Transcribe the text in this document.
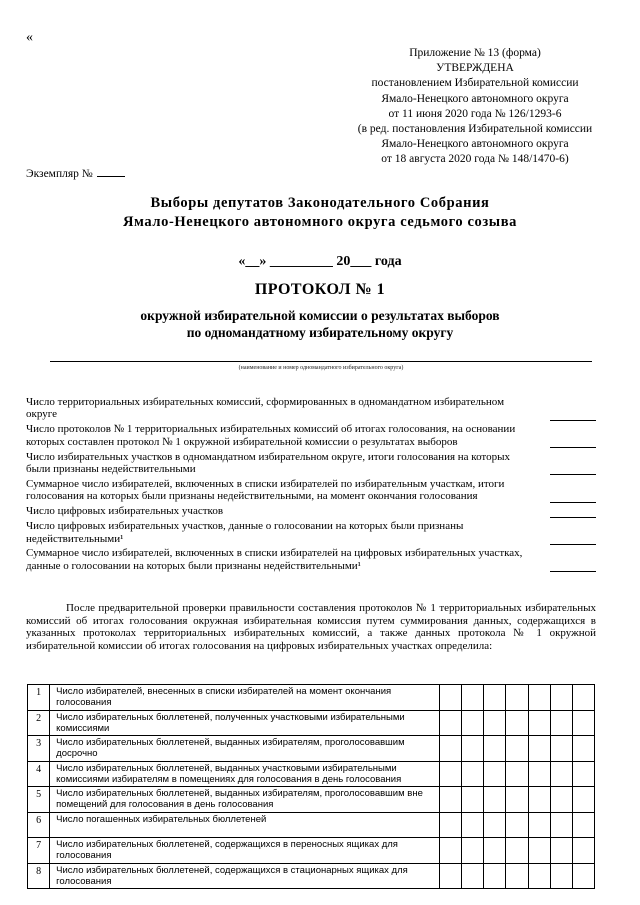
«
Приложение № 13 (форма)
УТВЕРЖДЕНА
постановлением Избирательной комиссии
Ямало-Ненецкого автономного округа
от 11 июня 2020 года № 126/1293-6
(в ред. постановления Избирательной комиссии
Ямало-Ненецкого автономного округа
от 18 августа 2020 года № 148/1470-6)
Экземпляр №
Выборы депутатов Законодательного Собрания
Ямало-Ненецкого автономного округа седьмого созыва
«__» _________ 20___ года
ПРОТОКОЛ № 1
окружной избирательной комиссии о результатах выборов
по одномандатному избирательному округу
(наименование и номер одномандатного избирательного округа)
Число территориальных избирательных комиссий, сформированных в одномандатном избирательном округе
Число протоколов № 1 территориальных избирательных комиссий об итогах голосования, на основании которых составлен протокол № 1 окружной избирательной комиссии о результатах выборов
Число избирательных участков в одномандатном избирательном округе, итоги голосования на которых были признаны недействительными
Суммарное число избирателей, включенных в списки избирателей по избирательным участкам, итоги голосования на которых были признаны недействительными, на момент окончания голосования
Число цифровых избирательных участков
Число цифровых избирательных участков, данные о голосовании на которых были признаны недействительными¹
Суммарное число избирателей, включенных в списки избирателей на цифровых избирательных участках, данные о голосовании на которых были признаны недействительными¹
После предварительной проверки правильности составления протоколов № 1 территориальных избирательных комиссий об итогах голосования окружная избирательная комиссия путем суммирования данных, содержащихся в указанных протоколах территориальных избирательных комиссий, а также данных протокола № 1 окружной избирательной комиссии об итогах голосования на цифровых избирательных участках определила:
1	Число избирателей, внесенных в списки избирателей на момент окончания голосования							
2	Число избирательных бюллетеней, полученных участковыми избирательными комиссиями							
3	Число избирательных бюллетеней, выданных избирателям, проголосовавшим досрочно							
4	Число избирательных бюллетеней, выданных участковыми избирательными комиссиями избирателям в помещениях для голосования в день голосования							
5	Число избирательных бюллетеней, выданных избирателям, проголосовавшим вне помещений для голосования в день голосования							
6	Число погашенных избирательных бюллетеней							
7	Число избирательных бюллетеней, содержащихся в переносных ящиках для голосования							
8	Число избирательных бюллетеней, содержащихся в стационарных ящиках для голосования							
